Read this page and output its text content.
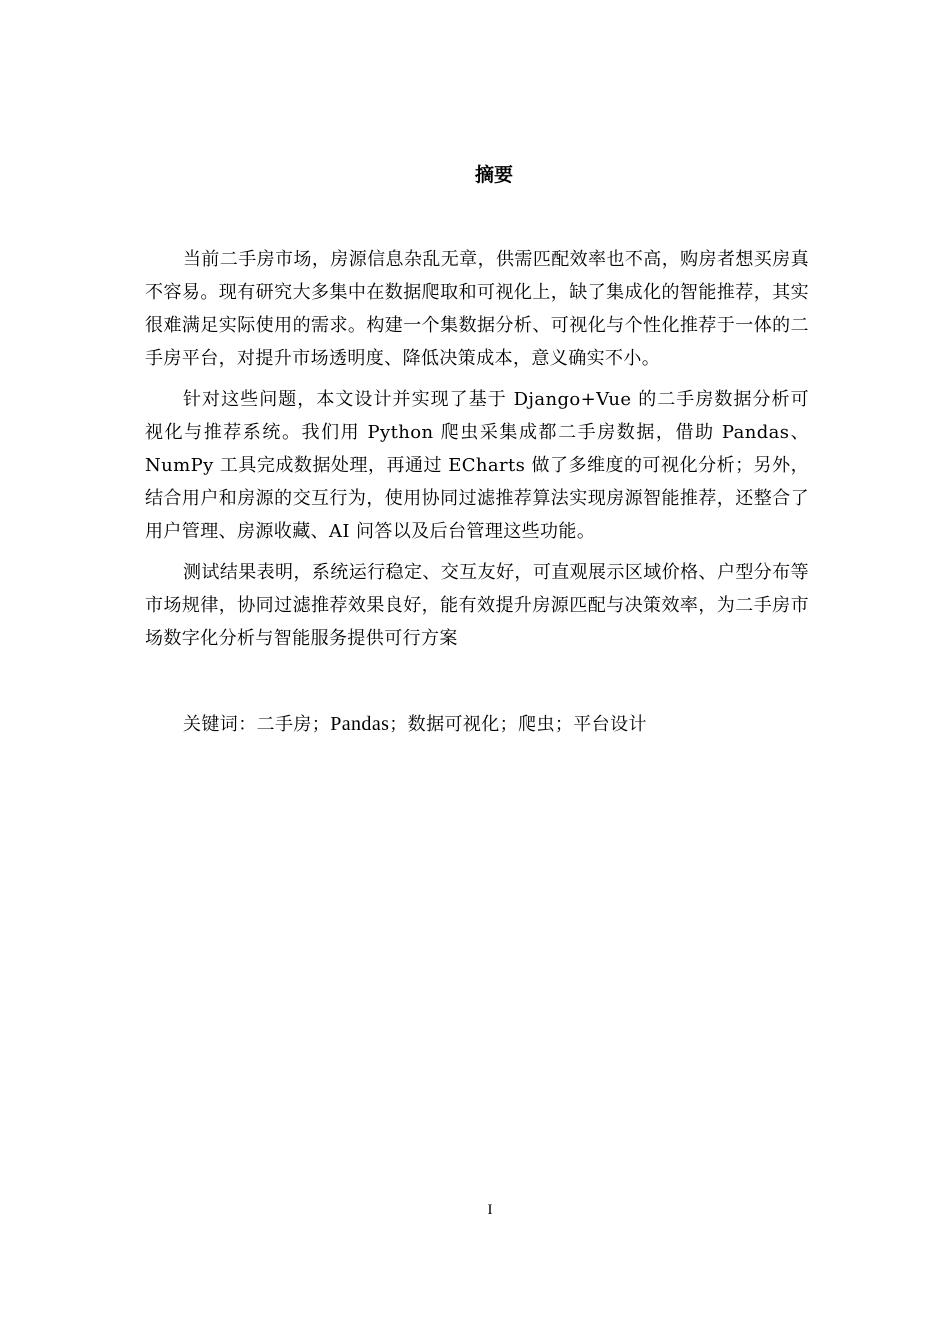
摘要

当前二手房市场，房源信息杂乱无章，供需匹配效率也不高，购房者想买房真不容易。现有研究大多集中在数据爬取和可视化上，缺了集成化的智能推荐，其实很难满足实际使用的需求。构建一个集数据分析、可视化与个性化推荐于一体的二手房平台，对提升市场透明度、降低决策成本，意义确实不小。

针对这些问题，本文设计并实现了基于 Django+Vue 的二手房数据分析可视化与推荐系统。我们用 Python 爬虫采集成都二手房数据，借助 Pandas、NumPy 工具完成数据处理，再通过 ECharts 做了多维度的可视化分析；另外，结合用户和房源的交互行为，使用协同过滤推荐算法实现房源智能推荐，还整合了用户管理、房源收藏、AI 问答以及后台管理这些功能。

测试结果表明，系统运行稳定、交互友好，可直观展示区域价格、户型分布等市场规律，协同过滤推荐效果良好，能有效提升房源匹配与决策效率，为二手房市场数字化分析与智能服务提供可行方案

关键词：二手房；Pandas；数据可视化；爬虫；平台设计
I
